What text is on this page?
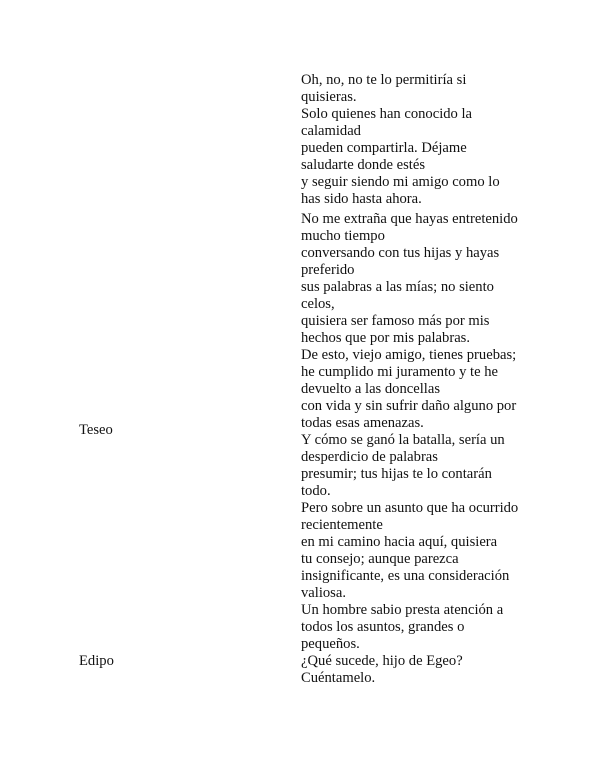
Oh, no, no te lo permitiría si
quisieras.
Solo quienes han conocido la
calamidad
pueden compartirla. Déjame
saludarte donde estés
y seguir siendo mi amigo como lo
has sido hasta ahora.
Teseo
No me extraña que hayas entretenido
mucho tiempo
conversando con tus hijas y hayas
preferido
sus palabras a las mías; no siento
celos,
quisiera ser famoso más por mis
hechos que por mis palabras.
De esto, viejo amigo, tienes pruebas;
he cumplido mi juramento y te he
devuelto a las doncellas
con vida y sin sufrir daño alguno por
todas esas amenazas.
Y cómo se ganó la batalla, sería un
desperdicio de palabras
presumir; tus hijas te lo contarán
todo.
Pero sobre un asunto que ha ocurrido
recientemente
en mi camino hacia aquí, quisiera
tu consejo; aunque parezca
insignificante, es una consideración
valiosa.
Un hombre sabio presta atención a
todos los asuntos, grandes o
pequeños.
Edipo	¿Qué sucede, hijo de Egeo?
Cuéntamelo.
